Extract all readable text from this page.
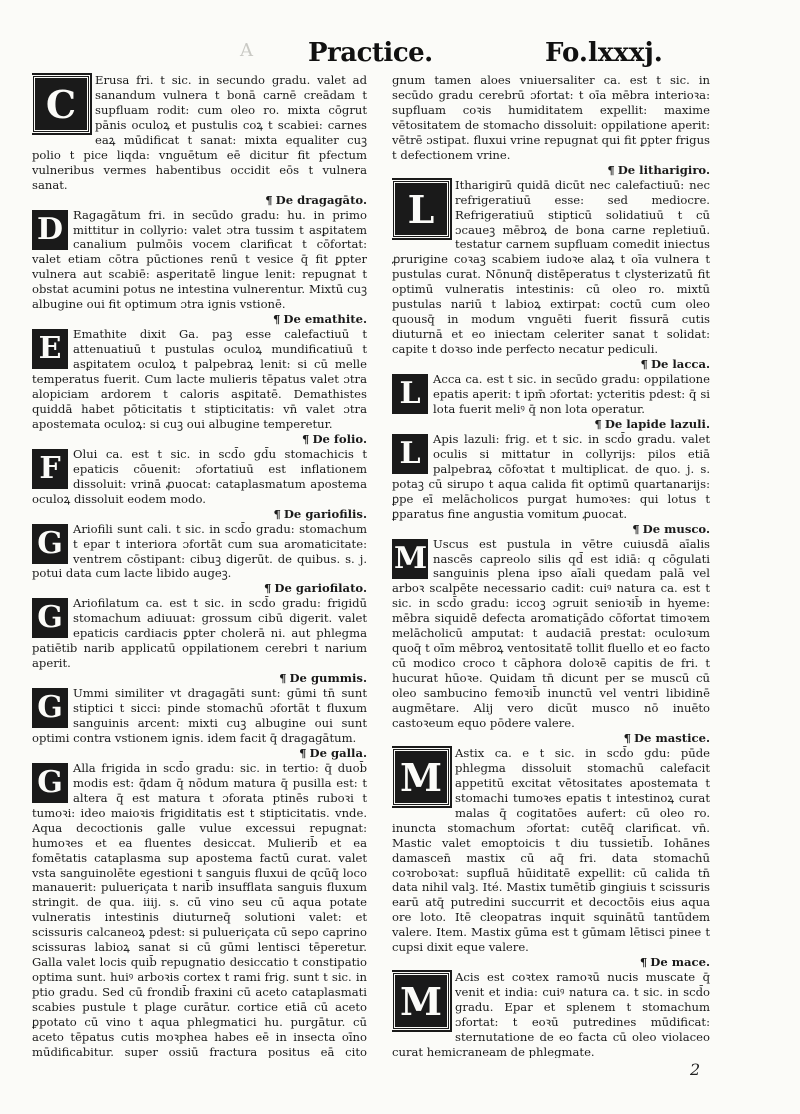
A Practice.	Fo.lxxxj.

C
Erusa fri. t sic. in secundo gradu. valet ad sanandum vulnera t bonā carnē creādam t supfluam rodit: cum oleo ro. mixta cōgrut pānis oculoꝝ et pustulis coꝝ t scabiei: carnes eaꝝ mūdificat t sanat: mixta equaliter cuꝫ polio t pice liqda: vnguētum eē dicitur fit pfectum vulneribus vermes habentibus occidit eōs t vulnera sanat.

¶ De dragagāto.

D Ragagātum fri. in secūdo gradu: hu. in primo mittitur in collyrio: valet ɔtra tussim t asꝑitatem canalium pulmōis vocem clarificat t cōfortat: valet etiam cōtra pūctiones renū t vesice q̄ fit ꝑpter vulnera aut scabiē: asꝑeritatē lingue lenit: repugnat t obstat acumini potus ne intestina vulnerentur. Mixtū cuꝫ albugine oui fit optimum ɔtra ignis vstionē.

¶ De emathite.

E Emathite dixit Ga. paꝫ esse calefactiuū t attenuatiuū t pustulas oculoꝝ mundificatiuū t asꝑitatem oculoꝝ t palpebraꝝ lenit: si cū melle temperatus fuerit. Cum lacte mulieris tēpatus valet ɔtra alopiciam ardorem t caloris asꝑitatē. Demathistes quiddā habet pōticitatis t stipticitatis: vn̄ valet ɔtra apostemata oculoꝝ: si cuꝫ oui albugine temperetur.

¶ De folio.

F	Olui ca. est t sic. in scd̄o gd̄u stomachicis t epaticis cōuenit: ɔfortatiuū est inflationem dissoluit: vrinā ꝓuocat: cataplasmatum apostema oculoꝝ dissoluit eodem modo.

¶ De gariofilis.

G Ariofili sunt cali. t sic. in scd̄o gradu: stomachum t epar t interiora ɔfortāt cum sua aromaticitate: ventrem cōstipant: cibuꝫ digerūt. de quibus. s. j. potui data cum lacte libido augeꝫ.

¶ De gariofilato.

G Ariofilatum ca. est t sic. in scd̄o gradu: frigidū stomachum adiuuat: grossum cibū digerit. valet epaticis cardiacis ꝑpter cholerā ni. aut phlegma patiētib narib applicatū oppilationem cerebri t narium aperit.

¶ De gummis.

G Ummi similiter vt dragagāti sunt: gūmi tn̄ sunt stiptici t sicci: pinde stomachū ɔfortāt t fluxum sanguinis arcent: mixti cuꝫ albugine oui sunt optimi contra vstionem ignis. idem facit q̄ dragagātum.

¶ De galla.

G Alla frigida in scd̄o gradu: sic. in tertio: q̄ duob̄ modis est: q̄dam q̄ nōdum matura q̄ pusilla est: t altera q̄ est matura t ɔforata ptinēs ruboꝛi t tumoꝛi: ideo maioꝛis frigiditatis est t stipticitatis. vnde. Aqua decoctionis galle vulue excessui repugnat: humoꝛes et ea fluentes desiccat. Mulierib̄ et ea fomētatis cataplasma sup apostema factū curat. valet vsta sanguinolēte egestioni t sanguis fluxui de qcūq̄ loco manauerit: pulueriçata t narib̄ insufflata sanguis fluxum stringit. de qua. iiij. s. cū vino seu cū aqua potate vulneratis intestinis diuturneq̄ solutioni valet: et scissuris calcaneoꝝ pdest: si pulueriçata cū sepo caprino scissuras labioꝝ sanat si cū gūmi lentisci tēperetur. Galla valet locis quib̄ repugnatio desiccatio t constipatio optima sunt. huiꝰ arboꝛis cortex t rami frig. sunt t sic. in ptio gradu. Sed cū frondib̄ fraxini cū aceto cataplasmati scabies pustule t plage curātur. cortice etiā cū aceto ꝑpotato cū vino t aqua phlegmatici hu. purgātur. cū aceto tēpatus cutis moꝛphea habes eē in insecta oīno mūdificabitur. super ossiū fractura positus eā cito

gnum tamen aloes vniuersaliter ca. est t sic. in secūdo gradu cerebrū ɔfortat: t oīa mēbra interioꝛa: supfluam coꝛis humiditatem expellit: maxime vētositatem de stomacho dissoluit: oppilatione aperit: vētrē ɔstipat. fluxui vrine repugnat qui fit ꝑpter frigus t defectionem vrine.

¶ De litharigiro.

L
Itharigirū quidā dicūt nec calefactiuū: nec refrigeratiuū esse: sed mediocre. Refrigeratiuū stipticū solidatiuū t cū ɔcaueꝫ mēbroꝝ de bona carne repletiuū. testatur carnem supfluam comedit iniectus ꝓrurigine coꝛaꝫ scabiem iudoꝛe alaꝝ t oīa vulnera t pustulas curat. Nōnunq̄ distēperatus t clysterizatū fit optimū vulneratis intestinis: cū oleo ro. mixtū pustulas nariū t labioꝝ extirpat: coctū cum oleo quousq̄ in modum vnguēti fuerit fissurā cutis diuturnā et eo iniectam celeriter sanat t solidat: capite t doꝛso inde perfecto necatur pediculi.

¶ De lacca.

L	Acca ca. est t sic. in secūdo gradu: oppilatione epatis aperit: t ipm̄ ɔfortat: ycteritis pdest: q̄ si lota fuerit meliꝰ q̄ non lota operatur.

¶ De lapide lazuli.

L	Apis lazuli: frig. et t sic. in scd̄o gradu. valet oculis si mittatur in collyrijs: pilos etiā palpebraꝝ cōfoꝛtat t multiplicat. de quo. j. s. potaꝫ cū sirupo t aqua calida fit optimū quartanarijs: ꝑpe eī melācholicos purgat humoꝛes: qui lotus t ꝑparatus fine angustia vomitum ꝓuocat.

¶ De musco.

M Uscus est pustula in vētre cuiusdā aīalis nascēs capreolo silis qd̄ est idiā: q cōgulati sanguinis plena ipso aīali quedam palā vel arboꝛ scalpēte necessario cadit: cuiꝰ natura ca. est t sic. in scd̄o gradu: iccoꝫ ɔgruit senioꝛib̄ in hyeme: mēbra siquidē defecta aromatiçādo cōfortat timoꝛem melācholicū amputat: t audaciā prestat: oculoꝛum quoq̄ t oīm mēbroꝝ ventositatē tollit fluello et eo facto cū modico croco t cāphora doloꝛē capitis de fri. t hucurat hūoꝛe. Quidam tn̄ dicunt per se muscū cū oleo sambucino femoꝛib̄ inunctū vel ventri libidinē augmētare. Alij vero dicūt musco nō inuēto castoꝛeum equo pōdere valere.

¶ De mastice.

M
Astix ca. e t sic. in scd̄o gdu: pūde phlegma dissoluit stomachū calefacit appetitū excitat vētositates apostemata t stomachi tumoꝛes epatis t intestinoꝝ curat malas q̄ cogitatōes aufert: cū oleo ro. inuncta stomachum ɔfortat: cutēq̄ clarificat. vn̄. Mastic valet emoptoicis t diu tussietib̄. Iohānes damascen̄ mastix cū aq̄ fri. data stomachū coꝛroboꝛat: supfluā hūiditatē expellit: cū calida tn̄ data nihil valꝫ. Ité. Mastix tumētib̄ gingiuis t scissuris earū atq̄ putredini succurrit et decoctōis eius aqua ore loto. Itē cleopatras inquit squinātū tantūdem valere. Item. Mastix gūma est t gūmam lētisci pinee t cupsi dixit eque valere.

¶ De mace.

M
Acis est coꝛtex ramoꝛū nucis muscate q̄ venit et india: cuiꝰ natura ca. t sic. in scd̄o gradu. Epar et splenem t stomachum ɔfortat: t eoꝛū putredines mūdificat: sternutatione de eo facta cū oleo violaceo curat hemicraneam de phlegmate.

2
